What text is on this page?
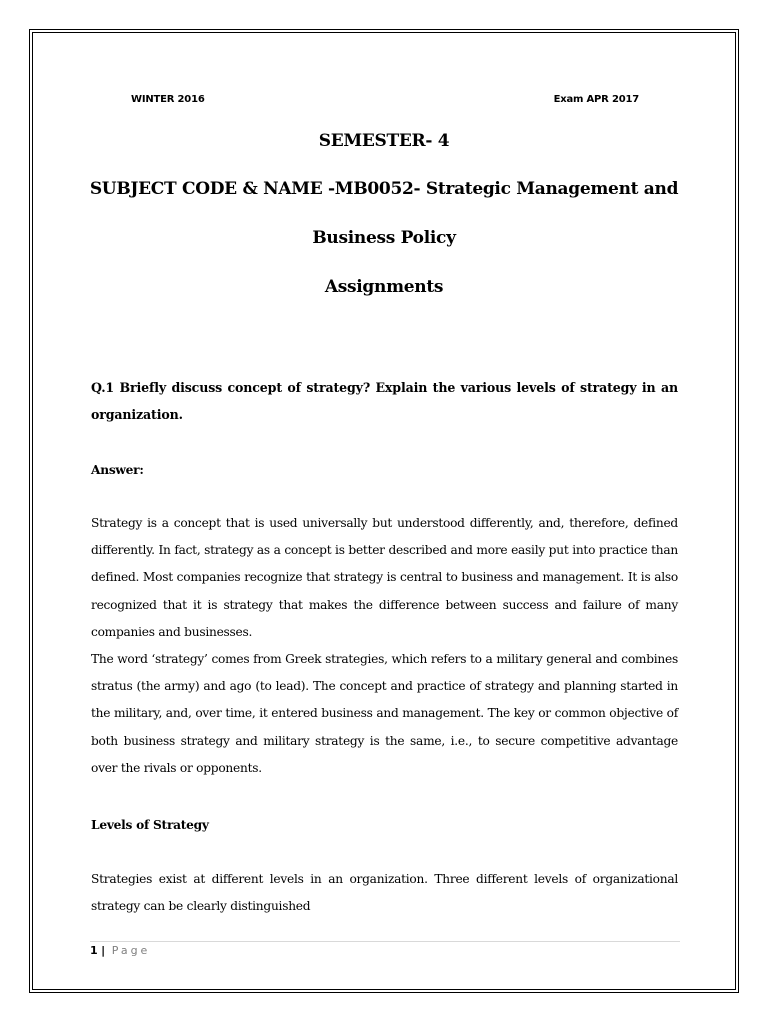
WINTER 2016	Exam APR 2017
SEMESTER- 4
SUBJECT CODE & NAME -MB0052- Strategic Management and
Business Policy
Assignments
Q.1 Briefly discuss concept of strategy? Explain the various levels of strategy in an organization.
Answer:
Strategy is a concept that is used universally but understood differently, and, therefore, defined differently. In fact, strategy as a concept is better described and more easily put into practice than defined. Most companies recognize that strategy is central to business and management. It is also recognized that it is strategy that makes the difference between success and failure of many companies and businesses.
The word ‘strategy’ comes from Greek strategies, which refers to a military general and combines stratus (the army) and ago (to lead). The concept and practice of strategy and planning started in the military, and, over time, it entered business and management. The key or common objective of both business strategy and military strategy is the same, i.e., to secure competitive advantage over the rivals or opponents.
Levels of Strategy
Strategies exist at different levels in an organization. Three different levels of organizational strategy can be clearly distinguished
1 | Page
